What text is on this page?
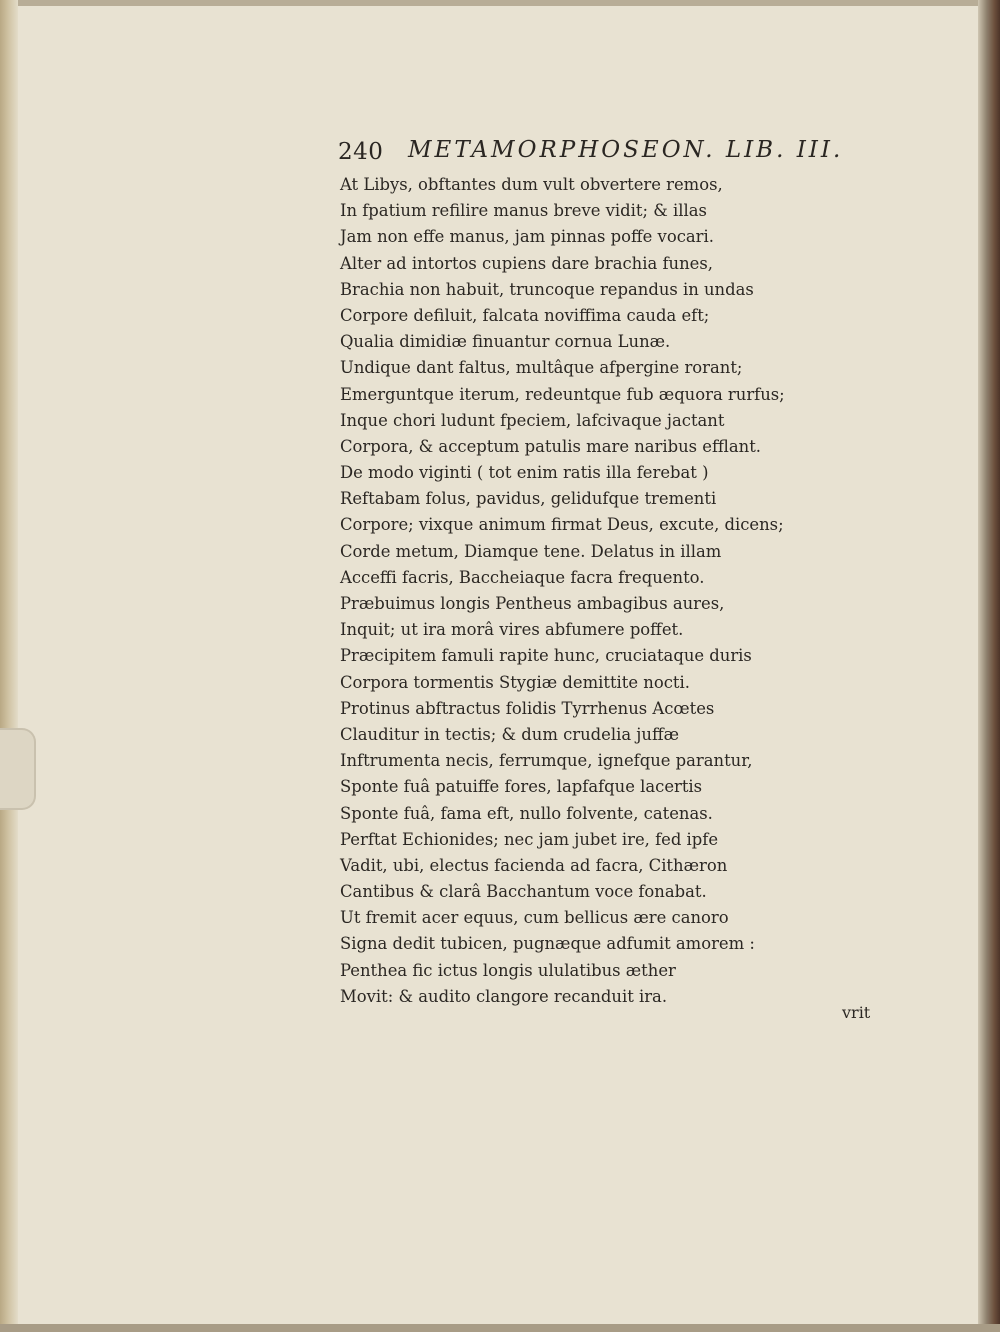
240 METAMORPHOSEON. LIB. III.
At Libys, obftantes dum vult obvertere remos,
In fpatium refilire manus breve vidit; & illas
Jam non effe manus, jam pinnas poffe vocari.
Alter ad intortos cupiens dare brachia funes,
Brachia non habuit, truncoque repandus in undas
Corpore defiluit, falcata noviffima cauda eft;
Qualia dimidiæ finuantur cornua Lunæ.
Undique dant faltus, multâque afpergine rorant;
Emerguntque iterum, redeuntque fub æquora rurfus;
Inque chori ludunt fpeciem, lafcivaque jactant
Corpora, & acceptum patulis mare naribus efflant.
De modo viginti ( tot enim ratis illa ferebat )
Reftabam folus, pavidus, gelidufque trementi
Corpore; vixque animum firmat Deus, excute, dicens;
Corde metum, Diamque tene. Delatus in illam
Acceffi facris, Baccheiaque facra frequento.
Præbuimus longis Pentheus ambagibus aures,
Inquit; ut ira morâ vires abfumere poffet.
Præcipitem famuli rapite hunc, cruciataque duris
Corpora tormentis Stygiæ demittite nocti.
Protinus abftractus folidis Tyrrhenus Acœtes
Clauditur in tectis; & dum crudelia juffæ
Inftrumenta necis, ferrumque, ignefque parantur,
Sponte fuâ patuiffe fores, lapfafque lacertis
Sponte fuâ, fama eft, nullo folvente, catenas.
Perftat Echionides; nec jam jubet ire, fed ipfe
Vadit, ubi, electus facienda ad facra, Cithæron
Cantibus & clarâ Bacchantum voce fonabat.
Ut fremit acer equus, cum bellicus ære canoro
Signa dedit tubicen, pugnæque adfumit amorem :
Penthea fic ictus longis ululatibus æther
Movit: & audito clangore recanduit ira.
vrit
